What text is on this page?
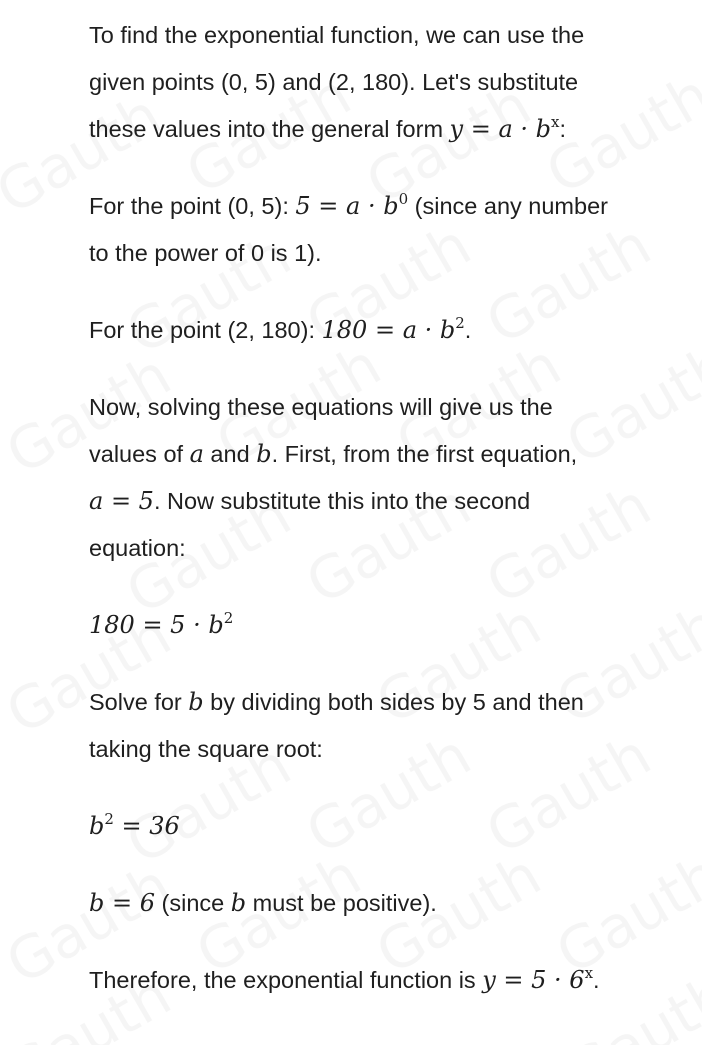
To find the exponential function, we can use the
given points (0, 5) and (2, 180). Let's substitute
these values into the general form $y = a \cdot b^x$:
For the point (0, 5): $5 = a \cdot b^0$ (since any number
to the power of 0 is 1).
For the point (2, 180): $180 = a \cdot b^2$.
Now, solving these equations will give us the
values of a and b. First, from the first equation,
a = 5. Now substitute this into the second
equation:
$180 = 5 \cdot b^2$
Solve for b by dividing both sides by 5 and then
taking the square root:
$b^2 = 36$
b = 6 (since b must be positive).
Therefore, the exponential function is $y = 5 \cdot 6^x$.
